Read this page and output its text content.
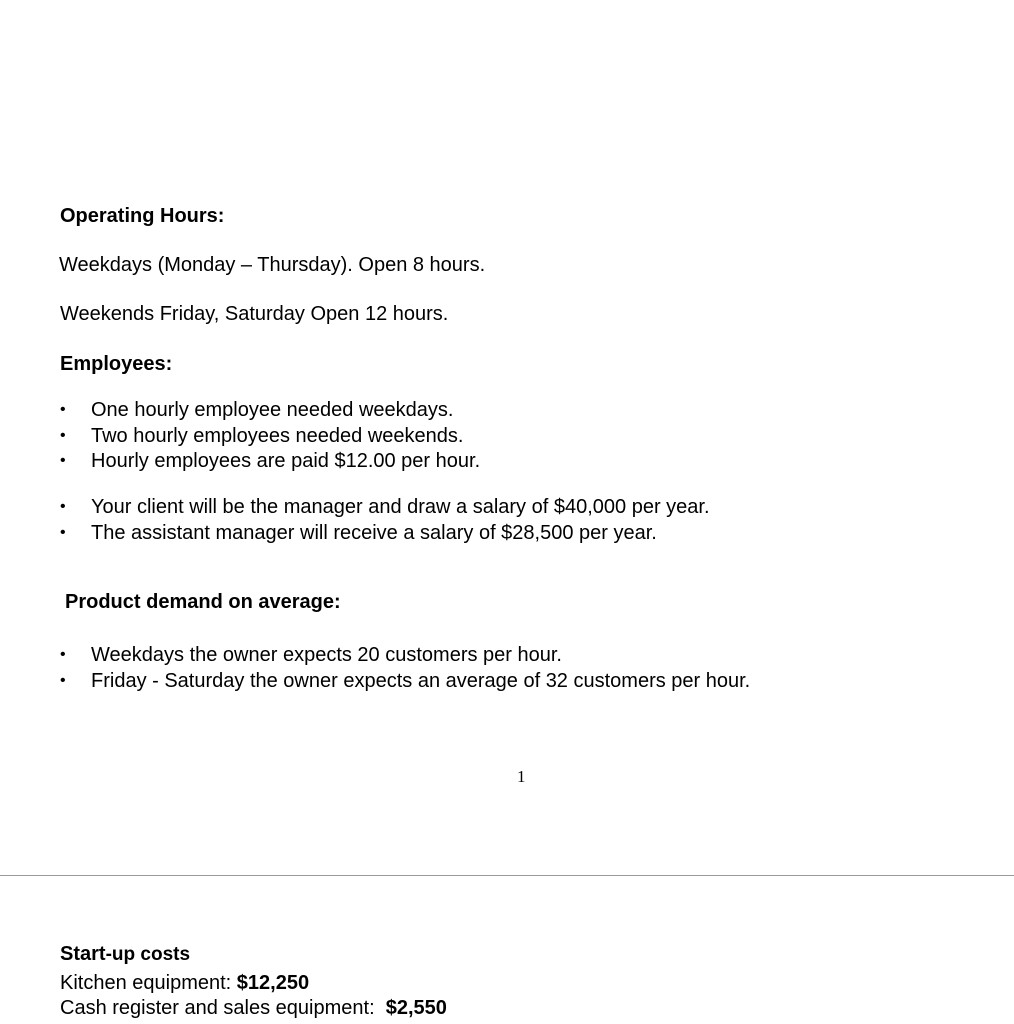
Operating Hours:
Weekdays (Monday – Thursday). Open 8 hours.
Weekends Friday, Saturday Open 12 hours.
Employees:
• One hourly employee needed weekdays.
• Two hourly employees needed weekends.
• Hourly employees are paid $12.00 per hour.
• Your client will be the manager and draw a salary of $40,000 per year.
• The assistant manager will receive a salary of $28,500 per year.
Product demand on average:
• Weekdays the owner expects 20 customers per hour.
• Friday - Saturday the owner expects an average of 32 customers per hour.
1
Start-up costs
Kitchen equipment: $12,250
Cash register and sales equipment:  $2,550
